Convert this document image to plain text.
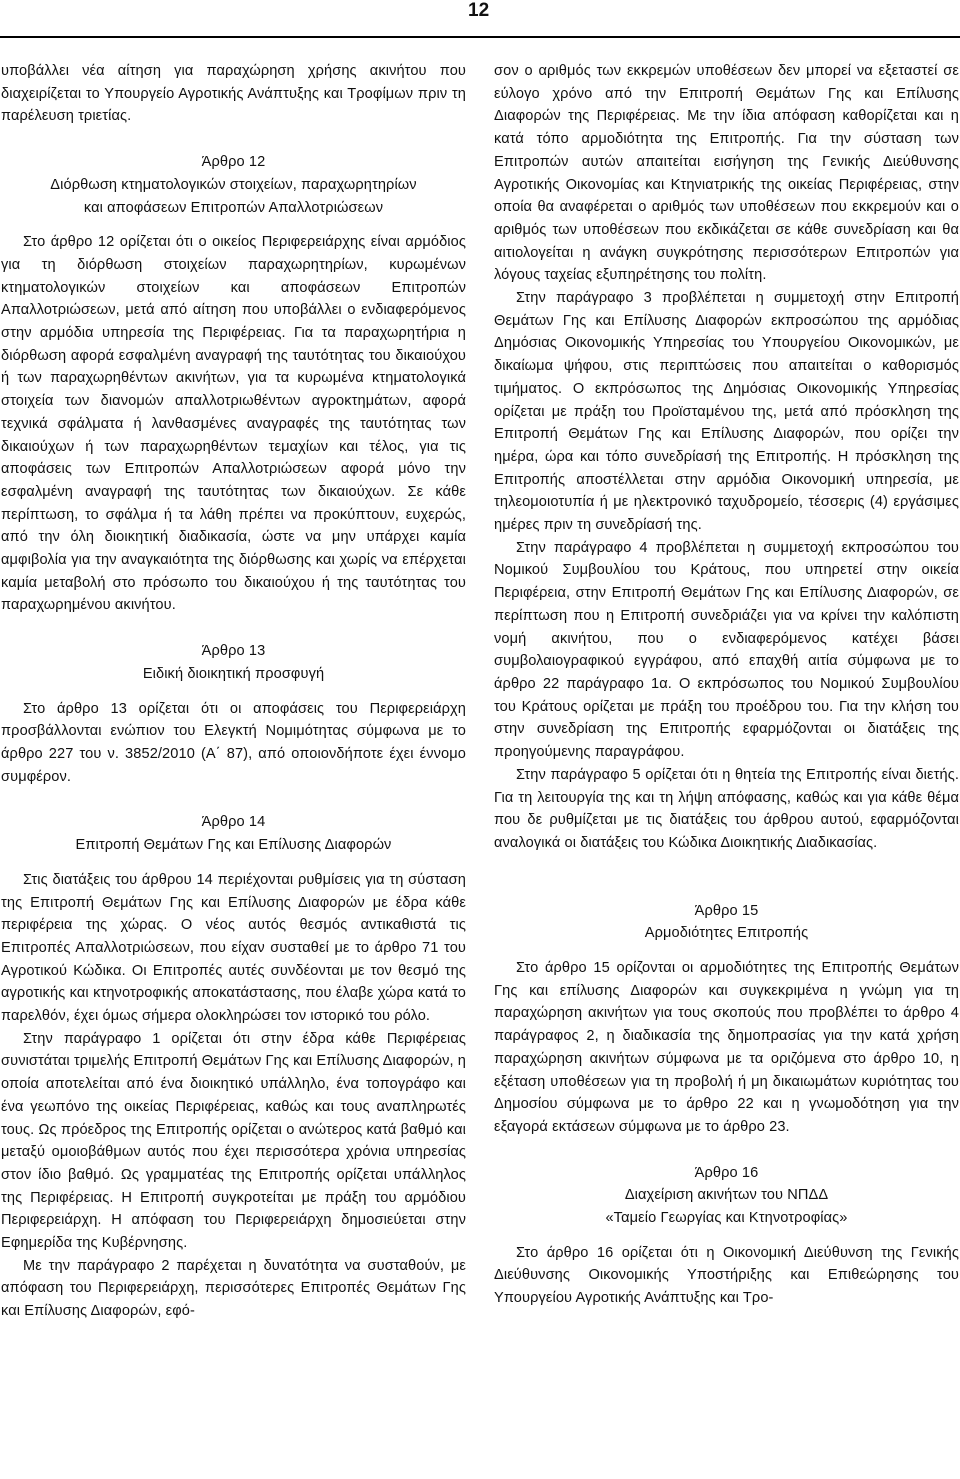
12

υποβάλλει νέα αίτηση για παραχώρηση χρήσης ακινήτου που διαχειρίζεται το Υπουργείο Αγροτικής Ανάπτυξης και Τροφίμων πριν τη παρέλευση τριετίας.

Άρθρο 12

Διόρθωση κτηματολογικών στοιχείων, παραχωρητηρίων

και αποφάσεων Επιτροπών Απαλλοτριώσεων

Στο άρθρο 12 ορίζεται ότι ο οικείος Περιφερειάρχης είναι αρμόδιος για τη διόρθωση στοιχείων παραχωρητηρίων, κυρωμένων κτηματολογικών στοιχείων και αποφάσεων Επιτροπών Απαλλοτριώσεων, μετά από αίτηση που υποβάλλει ο ενδιαφερόμενος στην αρμόδια υπηρεσία της Περιφέρειας. Για τα παραχωρητήρια η διόρθωση αφορά εσφαλμένη αναγραφή της ταυτότητας του δικαιούχου ή των παραχωρηθέντων ακινήτων, για τα κυρωμένα κτηματολογικά στοιχεία των διανομών απαλλοτριωθέντων αγροκτημάτων, αφορά τεχνικά σφάλματα ή λανθασμένες αναγραφές της ταυτότητας των δικαιούχων ή των παραχωρηθέντων τεμαχίων και τέλος, για τις αποφάσεις των Επιτροπών Απαλλοτριώσεων αφορά μόνο την εσφαλμένη αναγραφή της ταυτότητας των δικαιούχων. Σε κάθε περίπτωση, το σφάλμα ή τα λάθη πρέπει να προκύπτουν, ευχερώς, από την όλη διοικητική διαδικασία, ώστε να μην υπάρχει καμία αμφιβολία για την αναγκαιότητα της διόρθωσης και χωρίς να επέρχεται καμία μεταβολή στο πρόσωπο του δικαιούχου ή της ταυτότητας του παραχωρημένου ακινήτου.

Άρθρο 13

Ειδική διοικητική προσφυγή

Στο άρθρο 13 ορίζεται ότι οι αποφάσεις του Περιφερειάρχη προσβάλλονται ενώπιον του Ελεγκτή Νομιμότητας σύμφωνα με το άρθρο 227 του ν. 3852/2010 (Α΄ 87), από οποιονδήποτε έχει έννομο συμφέρον.

Άρθρο 14

Επιτροπή Θεμάτων Γης και Επίλυσης Διαφορών

Στις διατάξεις του άρθρου 14 περιέχονται ρυθμίσεις για τη σύσταση της Επιτροπή Θεμάτων Γης και Επίλυσης Διαφορών με έδρα κάθε περιφέρεια της χώρας. Ο νέος αυτός θεσμός αντικαθιστά τις Επιτροπές Απαλλοτριώσεων, που είχαν συσταθεί με το άρθρο 71 του Αγροτικού Κώδικα. Οι Επιτροπές αυτές συνδέονται με τον θεσμό της αγροτικής και κτηνοτροφικής αποκατάστασης, που έλαβε χώρα κατά το παρελθόν, έχει όμως σήμερα ολοκληρώσει τον ιστορικό του ρόλο.

Στην παράγραφο 1 ορίζεται ότι στην έδρα κάθε Περιφέρειας συνιστάται τριμελής Επιτροπή Θεμάτων Γης και Επίλυσης Διαφορών, η οποία αποτελείται από ένα διοικητικό υπάλληλο, ένα τοπογράφο και ένα γεωπόνο της οικείας Περιφέρειας, καθώς και τους αναπληρωτές τους. Ως πρόεδρος της Επιτροπής ορίζεται ο ανώτερος κατά βαθμό και μεταξύ ομοιοβάθμων αυτός που έχει περισσότερα χρόνια υπηρεσίας στον ίδιο βαθμό. Ως γραμματέας της Επιτροπής ορίζεται υπάλληλος της Περιφέρειας. Η Επιτροπή συγκροτείται με πράξη του αρμόδιου Περιφερειάρχη. Η απόφαση του Περιφερειάρχη δημοσιεύεται στην Εφημερίδα της Κυβέρνησης.

Με την παράγραφο 2 παρέχεται η δυνατότητα να συσταθούν, με απόφαση του Περιφερειάρχη, περισσότερες Επιτροπές Θεμάτων Γης και Επίλυσης Διαφορών, εφό-

σον ο αριθμός των εκκρεμών υποθέσεων δεν μπορεί να εξεταστεί σε εύλογο χρόνο από την Επιτροπή Θεμάτων Γης και Επίλυσης Διαφορών της Περιφέρειας. Με την ίδια απόφαση καθορίζεται και η κατά τόπο αρμοδιότητα της Επιτροπής. Για την σύσταση των Επιτροπών αυτών απαιτείται εισήγηση της Γενικής Διεύθυνσης Αγροτικής Οικονομίας και Κτηνιατρικής της οικείας Περιφέρειας, στην οποία θα αναφέρεται ο αριθμός των υποθέσεων που εκκρεμούν και ο αριθμός των υποθέσεων που εκδικάζεται σε κάθε συνεδρίαση και θα αιτιολογείται η ανάγκη συγκρότησης περισσότερων Επιτροπών για λόγους ταχείας εξυπηρέτησης του πολίτη.

Στην παράγραφο 3 προβλέπεται η συμμετοχή στην Επιτροπή Θεμάτων Γης και Επίλυσης Διαφορών εκπροσώπου της αρμόδιας Δημόσιας Οικονομικής Υπηρεσίας του Υπουργείου Οικονομικών, με δικαίωμα ψήφου, στις περιπτώσεις που απαιτείται ο καθορισμός τιμήματος. Ο εκπρόσωπος της Δημόσιας Οικονομικής Υπηρεσίας ορίζεται με πράξη του Προϊσταμένου της, μετά από πρόσκληση της Επιτροπή Θεμάτων Γης και Επίλυσης Διαφορών, που ορίζει την ημέρα, ώρα και τόπο συνεδρίασή της Επιτροπής. Η πρόσκληση της Επιτροπής αποστέλλεται στην αρμόδια Οικονομική υπηρεσία, με τηλεομοιοτυπία ή με ηλεκτρονικό ταχυδρομείο, τέσσερις (4) εργάσιμες ημέρες πριν τη συνεδρίασή της.

Στην παράγραφο 4 προβλέπεται η συμμετοχή εκπροσώπου του Νομικού Συμβουλίου του Κράτους, που υπηρετεί στην οικεία Περιφέρεια, στην Επιτροπή Θεμάτων Γης και Επίλυσης Διαφορών, σε περίπτωση που η Επιτροπή συνεδριάζει για να κρίνει την καλόπιστη νομή ακινήτου, που ο ενδιαφερόμενος κατέχει βάσει συμβολαιογραφικού εγγράφου, από επαχθή αιτία σύμφωνα με το άρθρο 22 παράγραφο 1α. Ο εκπρόσωπος του Νομικού Συμβουλίου του Κράτους ορίζεται με πράξη του προέδρου του. Για την κλήση του στην συνεδρίαση της Επιτροπής εφαρμόζονται οι διατάξεις της προηγούμενης παραγράφου.

Στην παράγραφο 5 ορίζεται ότι η θητεία της Επιτροπής είναι διετής. Για τη λειτουργία της και τη λήψη απόφασης, καθώς και για κάθε θέμα που δε ρυθμίζεται με τις διατάξεις του άρθρου αυτού, εφαρμόζονται αναλογικά οι διατάξεις του Κώδικα Διοικητικής Διαδικασίας.

Άρθρο 15

Αρμοδιότητες Επιτροπής

Στο άρθρο 15 ορίζονται οι αρμοδιότητες της Επιτροπής Θεμάτων Γης και επίλυσης Διαφορών και συγκεκριμένα η γνώμη για τη παραχώρηση ακινήτων για τους σκοπούς που προβλέπει το άρθρο 4 παράγραφος 2, η διαδικασία της δημοπρασίας για την κατά χρήση παραχώρηση ακινήτων σύμφωνα με τα οριζόμενα στο άρθρο 10, η εξέταση υποθέσεων για τη προβολή ή μη δικαιωμάτων κυριότητας του Δημοσίου σύμφωνα με το άρθρο 22 και η γνωμοδότηση για την εξαγορά εκτάσεων σύμφωνα με το άρθρο 23.

Άρθρο 16

Διαχείριση ακινήτων του ΝΠΔΔ

«Ταμείο Γεωργίας και Κτηνοτροφίας»

Στο άρθρο 16 ορίζεται ότι η Οικονομική Διεύθυνση της Γενικής Διεύθυνσης Οικονομικής Υποστήριξης και Επιθεώρησης του Υπουργείου Αγροτικής Ανάπτυξης και Τρο-
